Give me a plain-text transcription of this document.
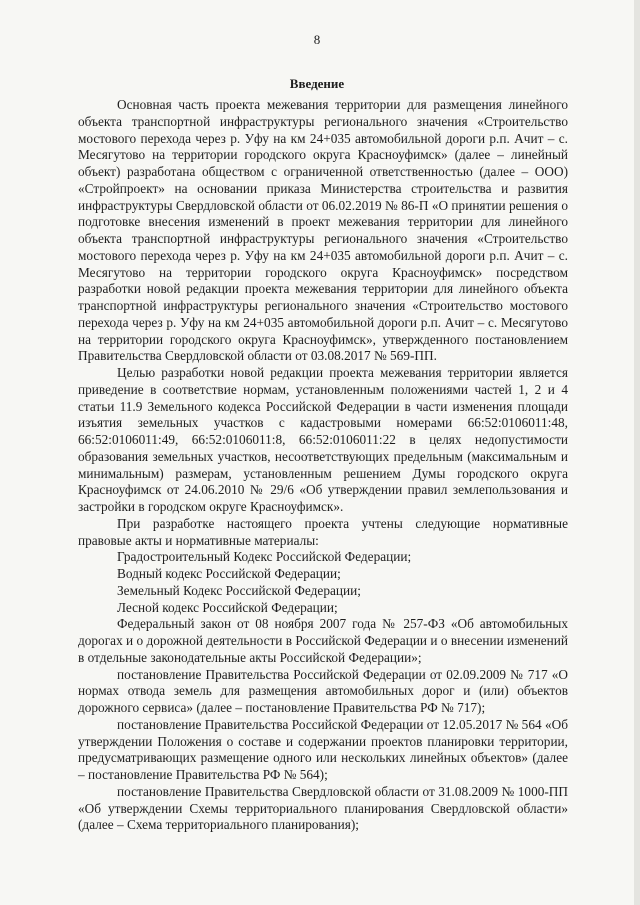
8
Введение

Основная часть проекта межевания территории для размещения линейного объекта транспортной инфраструктуры регионального значения «Строительство мостового перехода через р. Уфу на км 24+035 автомобильной дороги р.п. Ачит – с. Месягутово на территории городского округа Красноуфимск» (далее – линейный объект) разработана обществом с ограниченной ответственностью (далее – ООО) «Стройпроект» на основании приказа Министерства строительства и развития инфраструктуры Свердловской области от 06.02.2019 № 86-П «О принятии решения о подготовке внесения изменений в проект межевания территории для линейного объекта транспортной инфраструктуры регионального значения «Строительство мостового перехода через р. Уфу на км 24+035 автомобильной дороги р.п. Ачит – с. Месягутово на территории городского округа Красноуфимск» посредством разработки новой редакции проекта межевания территории для линейного объекта транспортной инфраструктуры регионального значения «Строительство мостового перехода через р. Уфу на км 24+035 автомобильной дороги р.п. Ачит – с. Месягутово на территории городского округа Красноуфимск», утвержденного постановлением Правительства Свердловской области от 03.08.2017 № 569-ПП.

Целью разработки новой редакции проекта межевания территории является приведение в соответствие нормам, установленным положениями частей 1, 2 и 4 статьи 11.9 Земельного кодекса Российской Федерации в части изменения площади изъятия земельных участков с кадастровыми номерами 66:52:0106011:48, 66:52:0106011:49, 66:52:0106011:8, 66:52:0106011:22 в целях недопустимости образования земельных участков, несоответствующих предельным (максимальным и минимальным) размерам, установленным решением Думы городского округа Красноуфимск от 24.06.2010 № 29/6 «Об утверждении правил землепользования и застройки в городском округе Красноуфимск».

При разработке настоящего проекта учтены следующие нормативные правовые акты и нормативные материалы:

Градостроительный Кодекс Российской Федерации;

Водный кодекс Российской Федерации;

Земельный Кодекс Российской Федерации;

Лесной кодекс Российской Федерации;

Федеральный закон от 08 ноября 2007 года № 257-ФЗ «Об автомобильных дорогах и о дорожной деятельности в Российской Федерации и о внесении изменений в отдельные законодательные акты Российской Федерации»;

постановление Правительства Российской Федерации от 02.09.2009 № 717 «О нормах отвода земель для размещения автомобильных дорог и (или) объектов дорожного сервиса» (далее – постановление Правительства РФ № 717);

постановление Правительства Российской Федерации от 12.05.2017 № 564 «Об утверждении Положения о составе и содержании проектов планировки территории, предусматривающих размещение одного или нескольких линейных объектов» (далее – постановление Правительства РФ № 564);

постановление Правительства Свердловской области от 31.08.2009 № 1000-ПП «Об утверждении Схемы территориального планирования Свердловской области» (далее – Схема территориального планирования);
